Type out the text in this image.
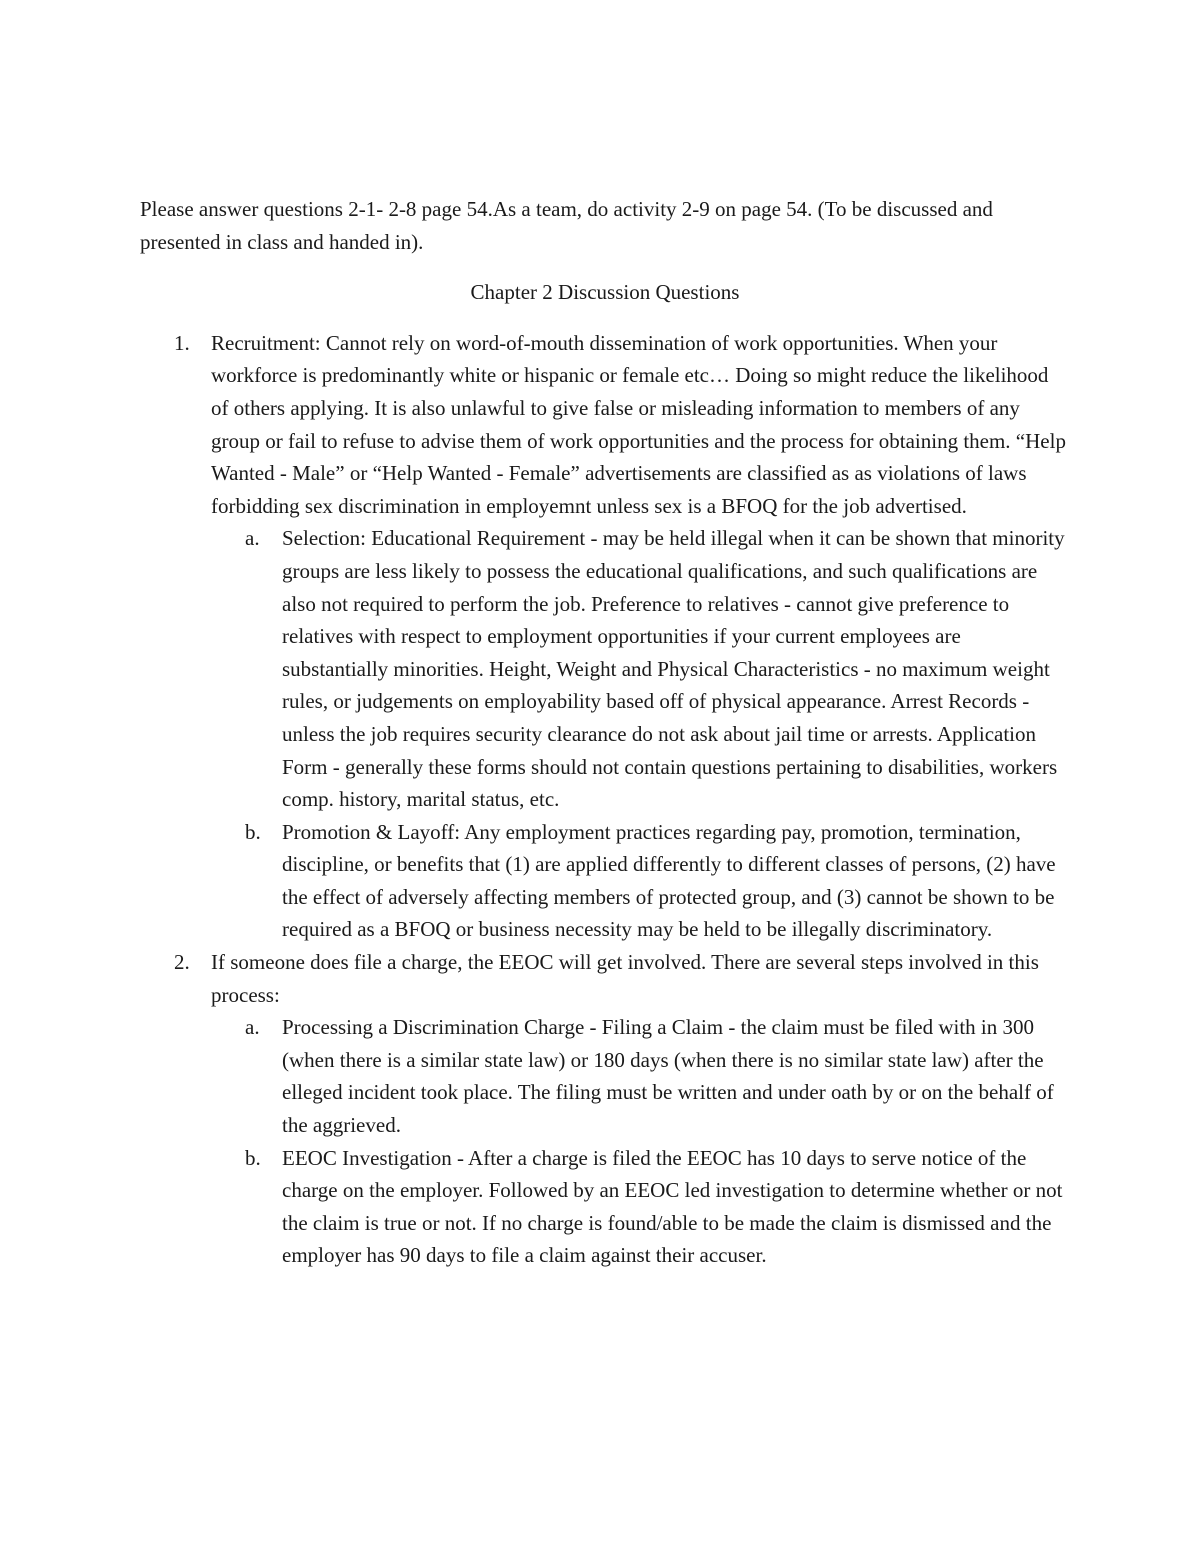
Please answer questions 2-1- 2-8 page 54.As a team, do activity 2-9 on page 54. (To be discussed and presented in class and handed in).

Chapter 2 Discussion Questions

1. Recruitment: Cannot rely on word-of-mouth dissemination of work opportunities. When your workforce is predominantly white or hispanic or female etc… Doing so might reduce the likelihood of others applying. It is also unlawful to give false or misleading information to members of any group or fail to refuse to advise them of work opportunities and the process for obtaining them. “Help Wanted - Male” or “Help Wanted - Female” advertisements are classified as as violations of laws forbidding sex discrimination in employemnt unless sex is a BFOQ for the job advertised.
a. Selection: Educational Requirement - may be held illegal when it can be shown that minority groups are less likely to possess the educational qualifications, and such qualifications are also not required to perform the job. Preference to relatives - cannot give preference to relatives with respect to employment opportunities if your current employees are substantially minorities. Height, Weight and Physical Characteristics - no maximum weight rules, or judgements on employability based off of physical appearance. Arrest Records - unless the job requires security clearance do not ask about jail time or arrests. Application Form - generally these forms should not contain questions pertaining to disabilities, workers comp. history, marital status, etc.
b. Promotion & Layoff: Any employment practices regarding pay, promotion, termination, discipline, or benefits that (1) are applied differently to different classes of persons, (2) have the effect of adversely affecting members of protected group, and (3) cannot be shown to be required as a BFOQ or business necessity may be held to be illegally discriminatory.
2. If someone does file a charge, the EEOC will get involved. There are several steps involved in this process:
a. Processing a Discrimination Charge - Filing a Claim - the claim must be filed with in 300 (when there is a similar state law) or 180 days (when there is no similar state law) after the elleged incident took place. The filing must be written and under oath by or on the behalf of the aggrieved.
b. EEOC Investigation - After a charge is filed the EEOC has 10 days to serve notice of the charge on the employer. Followed by an EEOC led investigation to determine whether or not the claim is true or not. If no charge is found/able to be made the claim is dismissed and the employer has 90 days to file a claim against their accuser.
